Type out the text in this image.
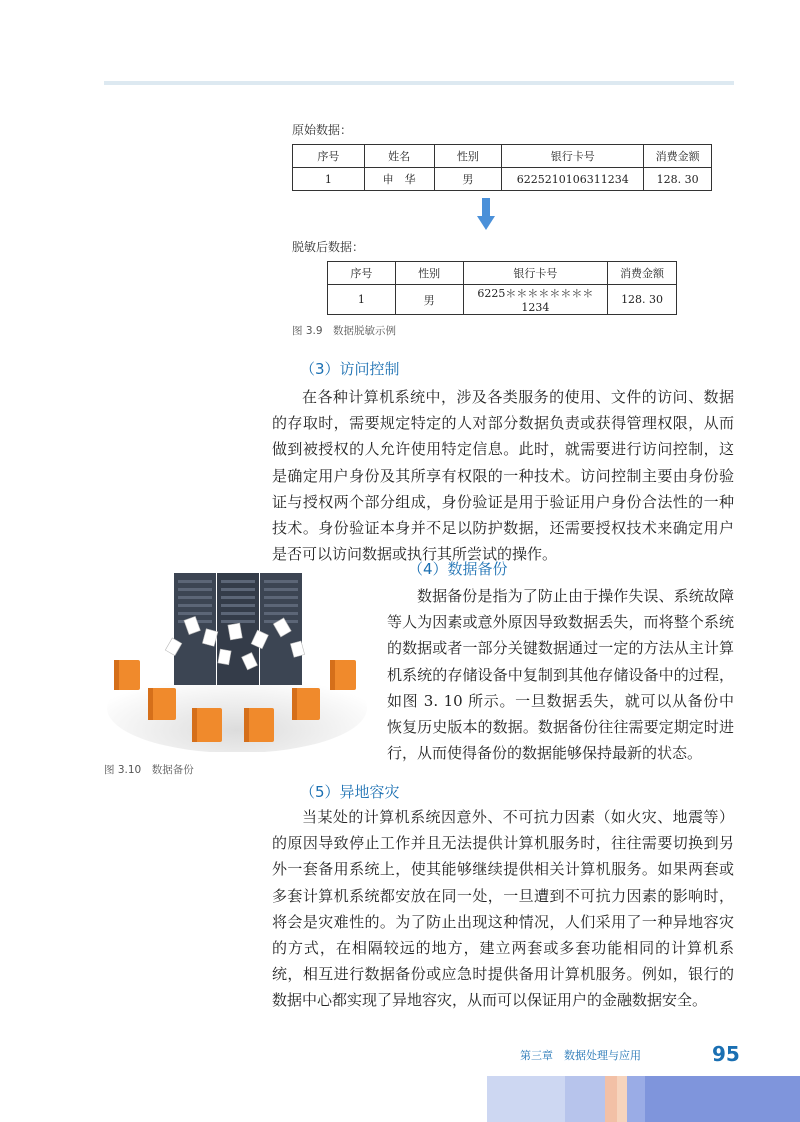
原始数据：
序号	姓名	性别	银行卡号	消费金额
1	申　华	男	6225210106311234	128. 30
脱敏后数据：
序号	性别	银行卡号	消费金额
1	男	6225＊＊＊＊＊＊＊＊1234	128. 30
图 3.9　数据脱敏示例
（3）访问控制

在各种计算机系统中，涉及各类服务的使用、文件的访问、数据的存取时，需要规定特定的人对部分数据负责或获得管理权限，从而做到被授权的人允许使用特定信息。此时，就需要进行访问控制，这是确定用户身份及其所享有权限的一种技术。访问控制主要由身份验证与授权两个部分组成，身份验证是用于验证用户身份合法性的一种技术。身份验证本身并不足以防护数据，还需要授权技术来确定用户是否可以访问数据或执行其所尝试的操作。

（4）数据备份

数据备份是指为了防止由于操作失误、系统故障等人为因素或意外原因导致数据丢失，而将整个系统的数据或者一部分关键数据通过一定的方法从主计算机系统的存储设备中复制到其他存储设备中的过程，如图 3. 10 所示。一旦数据丢失，就可以从备份中恢复历史版本的数据。数据备份往往需要定期定时进行，从而使得备份的数据能够保持最新的状态。

图 3.10　数据备份
（5）异地容灾

当某处的计算机系统因意外、不可抗力因素（如火灾、地震等）的原因导致停止工作并且无法提供计算机服务时，往往需要切换到另外一套备用系统上，使其能够继续提供相关计算机服务。如果两套或多套计算机系统都安放在同一处，一旦遭到不可抗力因素的影响时，将会是灾难性的。为了防止出现这种情况，人们采用了一种异地容灾的方式，在相隔较远的地方，建立两套或多套功能相同的计算机系统，相互进行数据备份或应急时提供备用计算机服务。例如，银行的数据中心都实现了异地容灾，从而可以保证用户的金融数据安全。

第三章　数据处理与应用	95
